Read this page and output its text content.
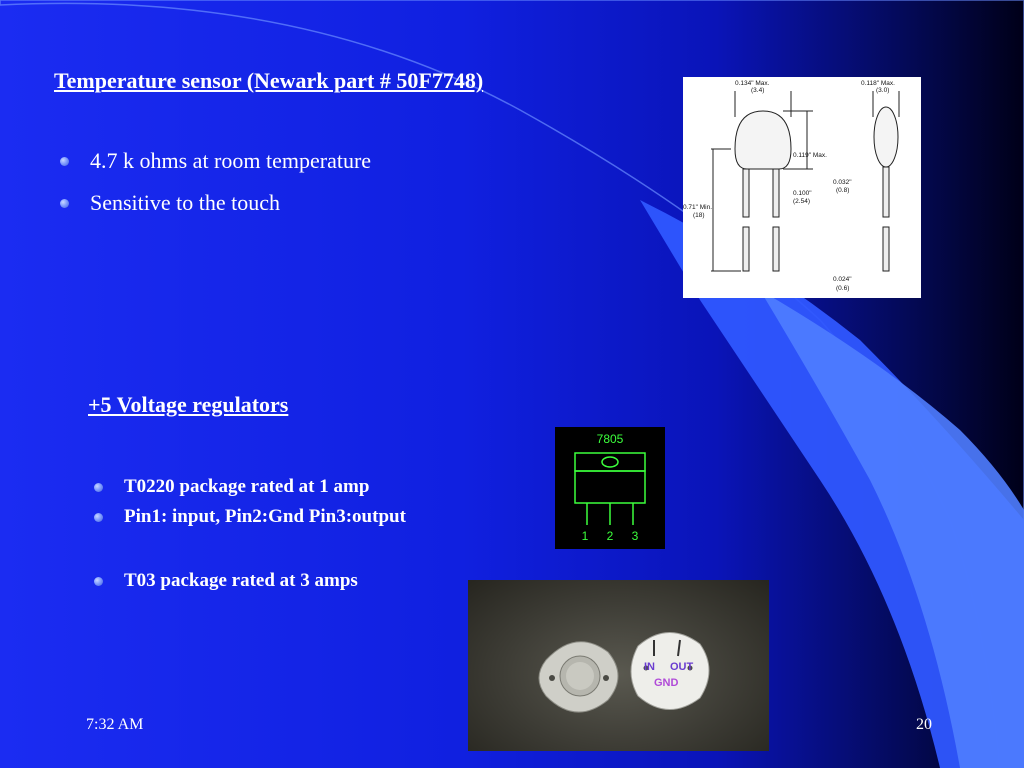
Temperature sensor (Newark part # 50F7748)
4.7 k ohms at room temperature
Sensitive to the touch
+5 Voltage regulators
T0220 package rated at 1 amp
Pin1: input, Pin2:Gnd Pin3:output
T03 package rated at 3 amps
0.134" Max.
(3.4)
0.118" Max.
(3.0)
0.119" Max.
0.71" Min.
(18)
0.100"
(2.54)
0.032"
(0.8)
0.024"
(0.6)
7805
1 2 3
IN OUT
GND
7:32 AM	20
